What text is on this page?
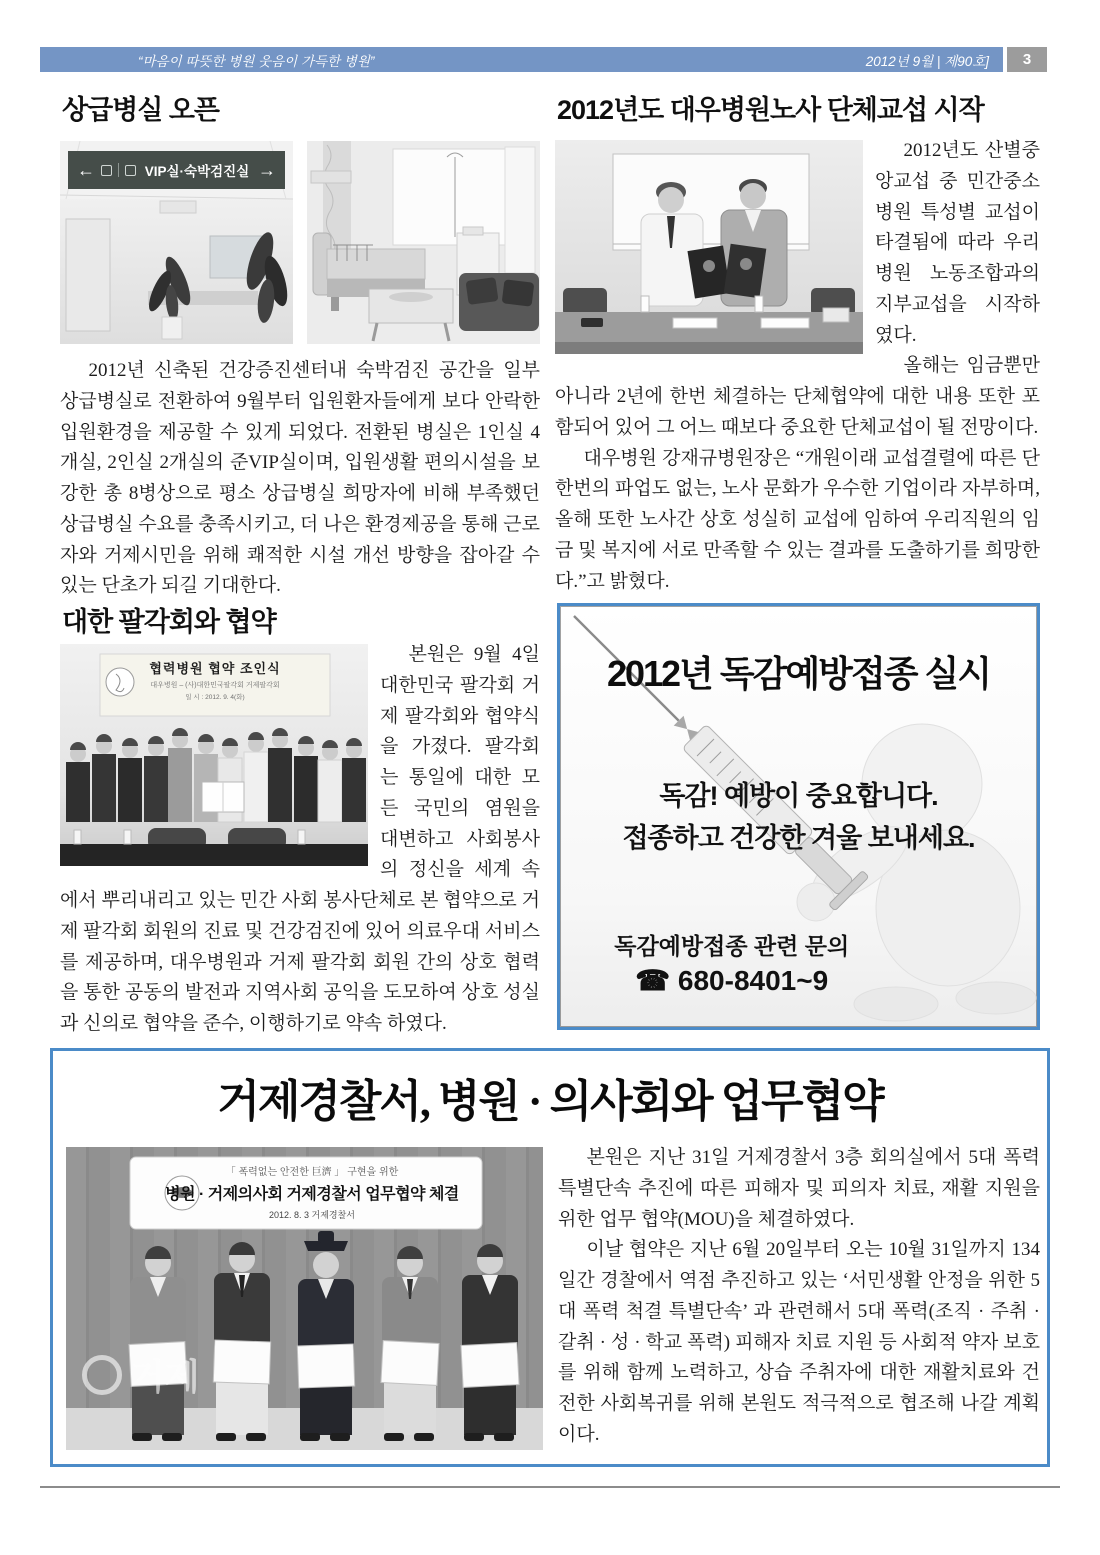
“마음이 따뜻한 병원 웃음이 가득한 병원”	2012년 9월 | 제90호]	3
상급병실 오픈
←	VIP실·숙박검진실 →

2012년 신축된 건강증진센터내 숙박검진 공간을 일부 상급병실로 전환하여 9월부터 입원환자들에게 보다 안락한 입원환경을 제공할 수 있게 되었다. 전환된 병실은 1인실 4개실, 2인실 2개실의 준VIP실이며, 입원생활 편의시설을 보강한 총 8병상으로 평소 상급병실 희망자에 비해 부족했던 상급병실 수요를 충족시키고, 더 나은 환경제공을 통해 근로자와 거제시민을 위해 쾌적한 시설 개선 방향을 잡아갈 수 있는 단초가 되길 기대한다.

2012년도 대우병원노사 단체교섭 시작

2012년도 산별중앙교섭 중 민간중소병원 특성별 교섭이 타결됨에 따라 우리병원 노동조합과의 지부교섭을 시작하였다.

올해는 임금뿐만 아니라 2년에 한번 체결하는 단체협약에 대한 내용 또한 포함되어 있어 그 어느 때보다 중요한 단체교섭이 될 전망이다.

대우병원 강재규병원장은 “개원이래 교섭결렬에 따른 단 한번의 파업도 없는, 노사 문화가 우수한 기업이라 자부하며, 올해 또한 노사간 상호 성실히 교섭에 임하여 우리직원의 임금 및 복지에 서로 만족할 수 있는 결과를 도출하기를 희망한다.”고 밝혔다.

대한 팔각회와 협약
협력병원 협약 조인식
대우병원 – (사)대한민국팔각회 거제팔각회
일 시 : 2012. 9. 4(화)

본원은 9월 4일 대한민국 팔각회 거제 팔각회와 협약식을 가졌다. 팔각회는 통일에 대한 모든 국민의 염원을 대변하고 사회봉사의 정신을 세계 속에서 뿌리내리고 있는 민간 사회 봉사단체로 본 협약으로 거제 팔각회 회원의 진료 및 건강검진에 있어 의료우대 서비스를 제공하며, 대우병원과 거제 팔각회 회원 간의 상호 협력을 통한 공동의 발전과 지역사회 공익을 도모하여 상호 성실과 신의로 협약을 준수, 이행하기로 약속 하였다.

2012년 독감예방접종 실시
독감! 예방이 중요합니다.
접종하고 건강한 겨울 보내세요.
독감예방접종 관련 문의
☎ 680-8401~9
거제경찰서, 병원 · 의사회와 업무협약
「 폭력없는 안전한 巨濟 」 구현을 위한
병원 · 거제의사회 거제경찰서 업무협약 체결
2012. 8. 3 거제경찰서
거제

본원은 지난 31일 거제경찰서 3층 회의실에서 5대 폭력 특별단속 추진에 따른 피해자 및 피의자 치료, 재활 지원을 위한 업무 협약(MOU)을 체결하였다.

이날 협약은 지난 6월 20일부터 오는 10월 31일까지 134일간 경찰에서 역점 추진하고 있는 ‘서민생활 안정을 위한 5대 폭력 척결 특별단속’ 과 관련해서 5대 폭력(조직 · 주취 · 갈취 · 성 · 학교 폭력) 피해자 치료 지원 등 사회적 약자 보호를 위해 함께 노력하고, 상습 주취자에 대한 재활치료와 건전한 사회복귀를 위해 본원도 적극적으로 협조해 나갈 계획이다.
